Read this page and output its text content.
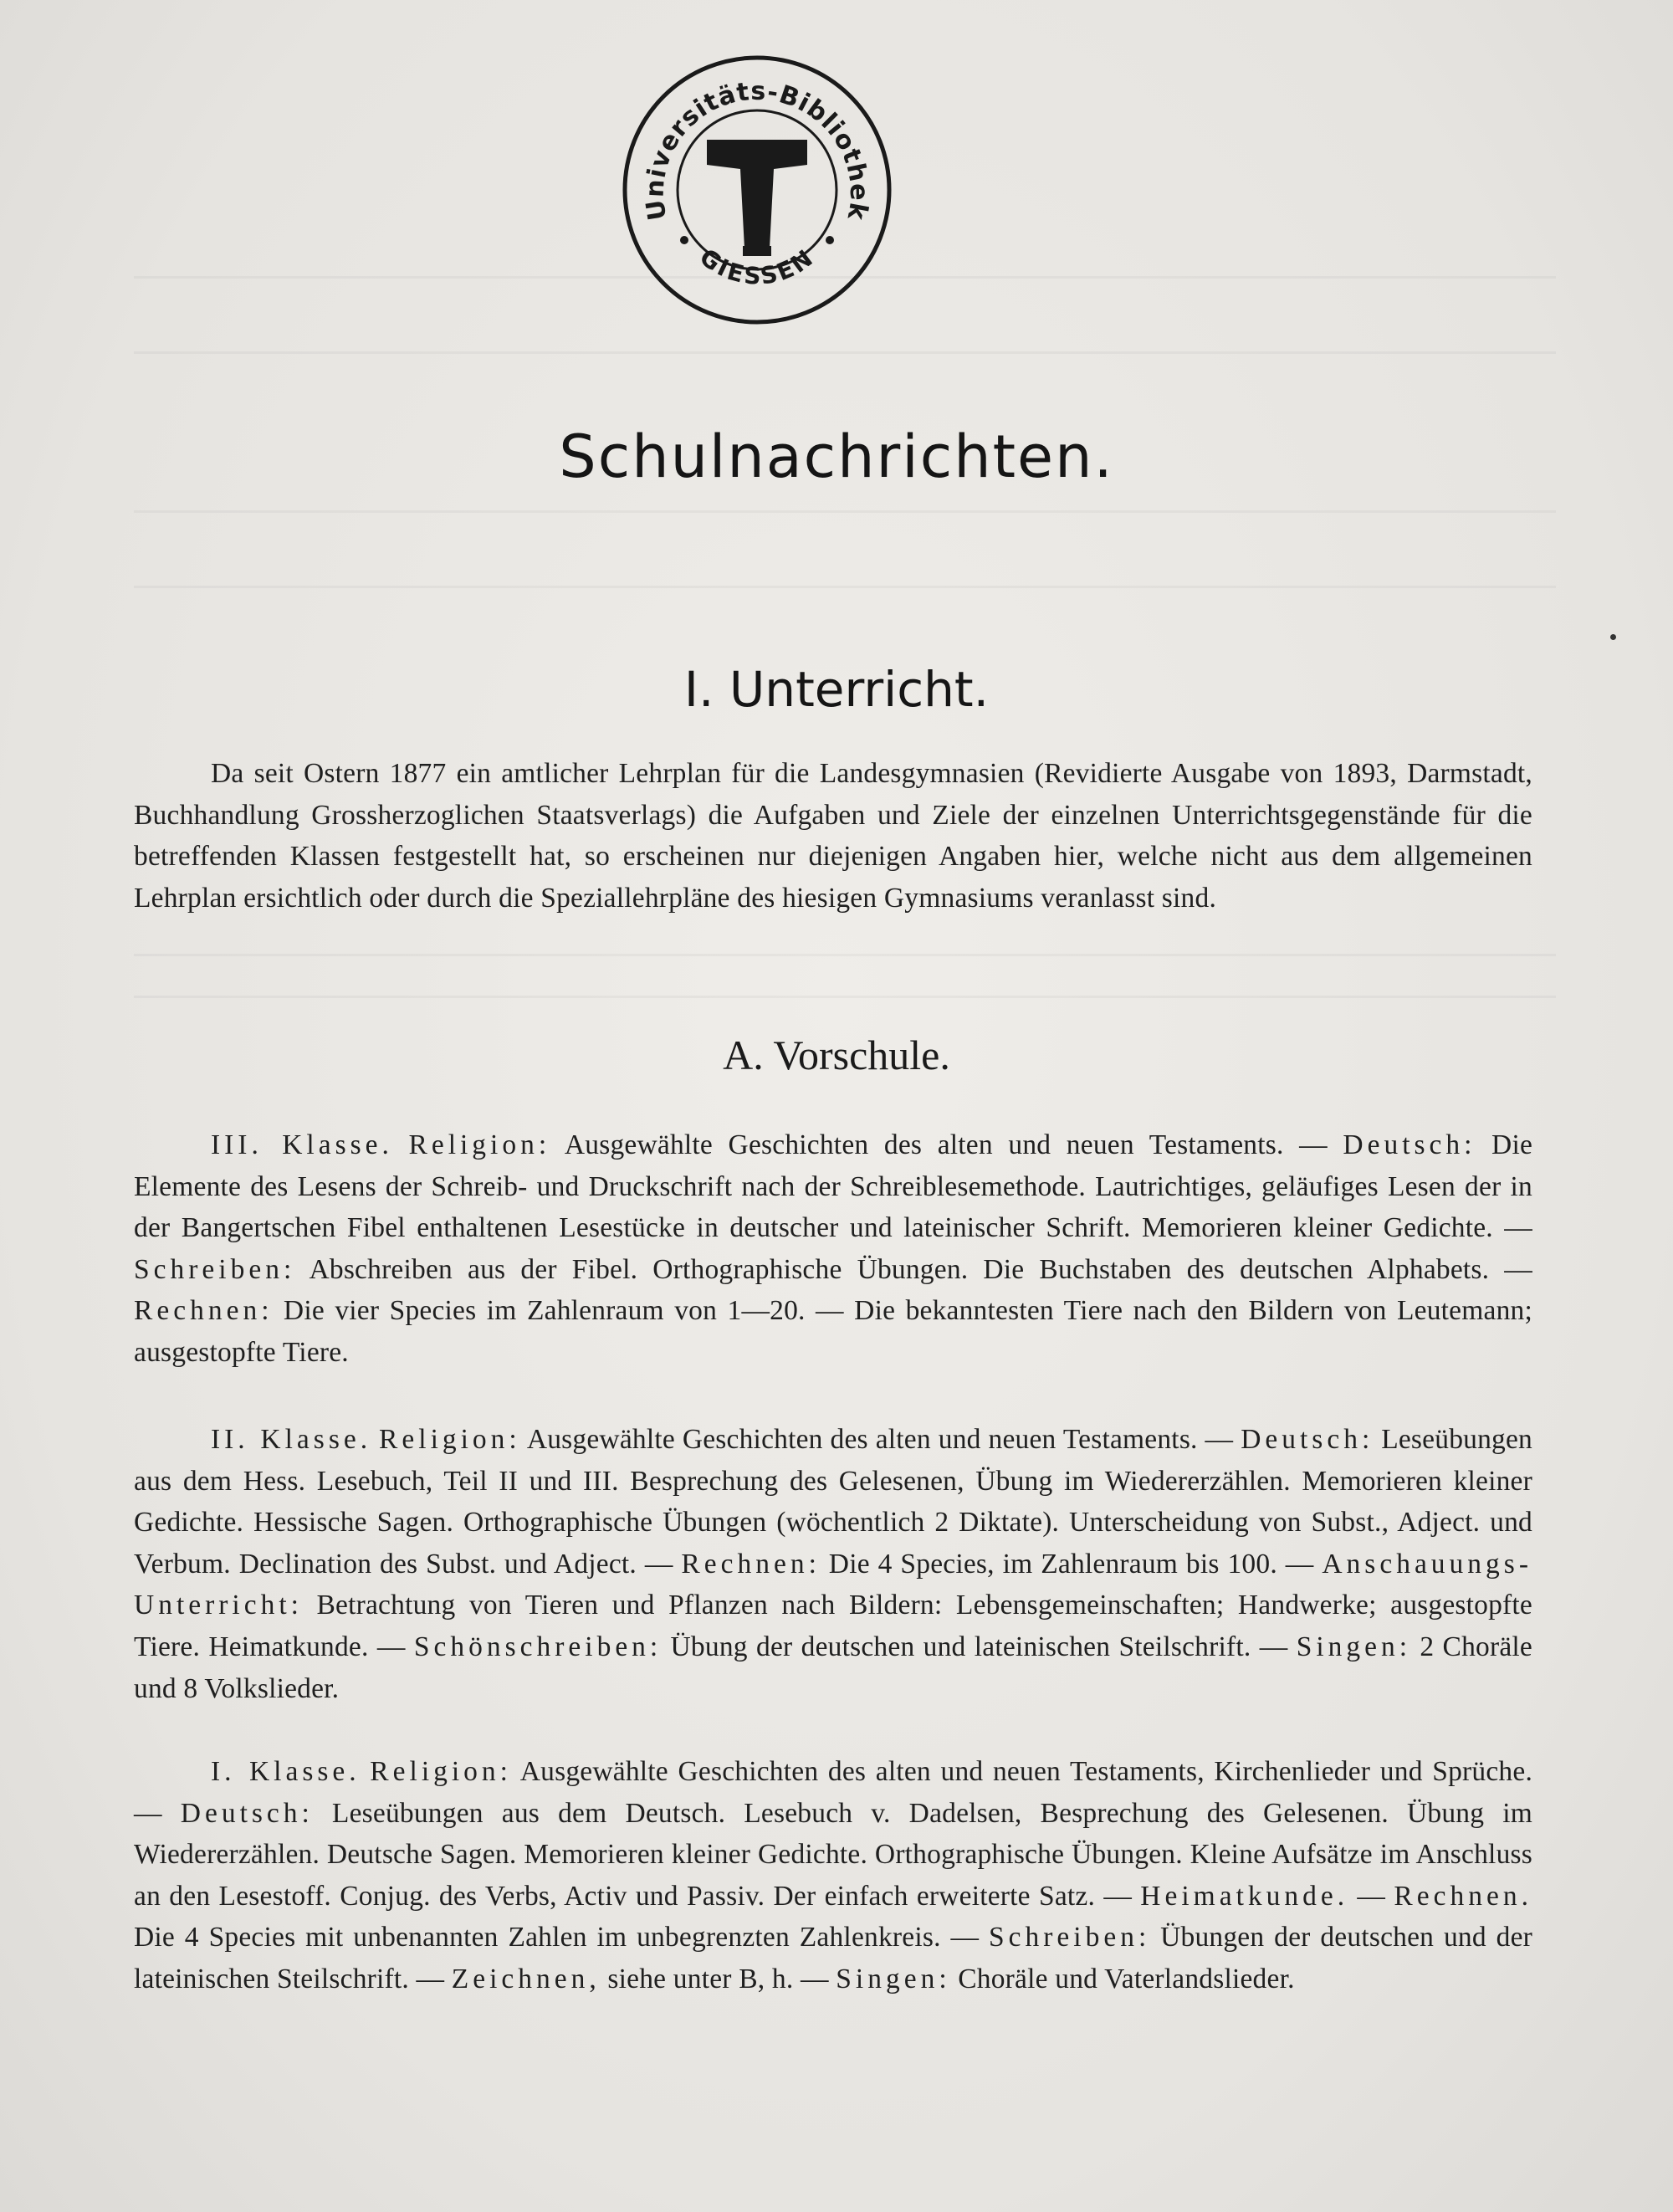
Universitäts-Bibliothek
GIESSEN
Schulnachrichten.
I. Unterricht.
Da seit Ostern 1877 ein amtlicher Lehrplan für die Landesgymnasien (Revidierte Ausgabe von 1893, Darmstadt, Buchhandlung Grossherzoglichen Staatsverlags) die Aufgaben und Ziele der einzelnen Unterrichtsgegenstände für die betreffenden Klassen festgestellt hat, so erscheinen nur diejenigen Angaben hier, welche nicht aus dem allgemeinen Lehrplan ersichtlich oder durch die Speziallehrpläne des hiesigen Gymnasiums veranlasst sind.
A. Vorschule.
III. Klasse. Religion: Ausgewählte Geschichten des alten und neuen Testaments. — Deutsch: Die Elemente des Lesens der Schreib- und Druckschrift nach der Schreiblesemethode. Lautrichtiges, geläufiges Lesen der in der Bangertschen Fibel enthaltenen Lesestücke in deutscher und lateinischer Schrift. Memorieren kleiner Gedichte. — Schreiben: Abschreiben aus der Fibel. Orthographische Übungen. Die Buchstaben des deutschen Alphabets. — Rechnen: Die vier Species im Zahlenraum von 1—20. — Die bekanntesten Tiere nach den Bildern von Leutemann; ausgestopfte Tiere.
II. Klasse. Religion: Ausgewählte Geschichten des alten und neuen Testaments. — Deutsch: Leseübungen aus dem Hess. Lesebuch, Teil II und III. Besprechung des Gelesenen, Übung im Wiedererzählen. Memorieren kleiner Gedichte. Hessische Sagen. Orthographische Übungen (wöchentlich 2 Diktate). Unterscheidung von Subst., Adject. und Verbum. Declination des Subst. und Adject. — Rechnen: Die 4 Species, im Zahlenraum bis 100. — Anschauungs-Unterricht: Betrachtung von Tieren und Pflanzen nach Bildern: Lebensgemeinschaften; Handwerke; ausgestopfte Tiere. Heimatkunde. — Schönschreiben: Übung der deutschen und lateinischen Steilschrift. — Singen: 2 Choräle und 8 Volkslieder.
I. Klasse. Religion: Ausgewählte Geschichten des alten und neuen Testaments, Kirchenlieder und Sprüche. — Deutsch: Leseübungen aus dem Deutsch. Lesebuch v. Dadelsen, Besprechung des Gelesenen. Übung im Wiedererzählen. Deutsche Sagen. Memorieren kleiner Gedichte. Orthographische Übungen. Kleine Aufsätze im Anschluss an den Lesestoff. Conjug. des Verbs, Activ und Passiv. Der einfach erweiterte Satz. — Heimatkunde. — Rechnen. Die 4 Species mit unbenannten Zahlen im unbegrenzten Zahlenkreis. — Schreiben: Übungen der deutschen und der lateinischen Steilschrift. — Zeichnen, siehe unter B, h. — Singen: Choräle und Vaterlandslieder.
